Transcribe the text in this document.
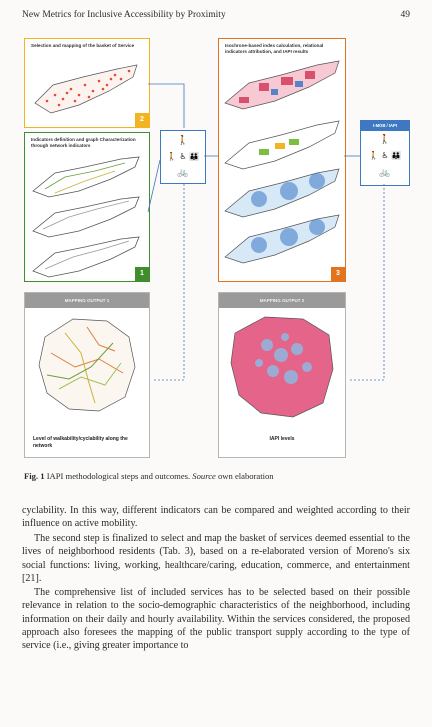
New Metrics for Inclusive Accessibility by Proximity	49
Selection and mapping of the basket of Service
2
Indicators definition and graph Characterization through network indicators
1
🚶
🚶 ♿ 👪
🚲
Isochrone-based index calculation, relational indicators attribution, and IAPI results
3
I-MOB / IAPI
🚶
🚶 ♿ 👪
🚲
MAPPING OUTPUT 1
Level of walkability/cyclability along the network
MAPPING OUTPUT 2
IAPI levels
Fig. 1 IAPI methodological steps and outcomes. Source own elaboration
cyclability. In this way, different indicators can be compared and weighted according to their influence on active mobility.
The second step is finalized to select and map the basket of services deemed essential to the lives of neighborhood residents (Tab. 3), based on a re-elaborated version of Moreno's six social functions: living, working, healthcare/caring, education, commerce, and entertainment [21].
The comprehensive list of included services has to be selected based on their possible relevance in relation to the socio-demographic characteristics of the neighborhood, including information on their daily and hourly availability. Within the services considered, the proposed approach also foresees the mapping of the public transport supply according to the type of service (i.e., giving greater importance to
